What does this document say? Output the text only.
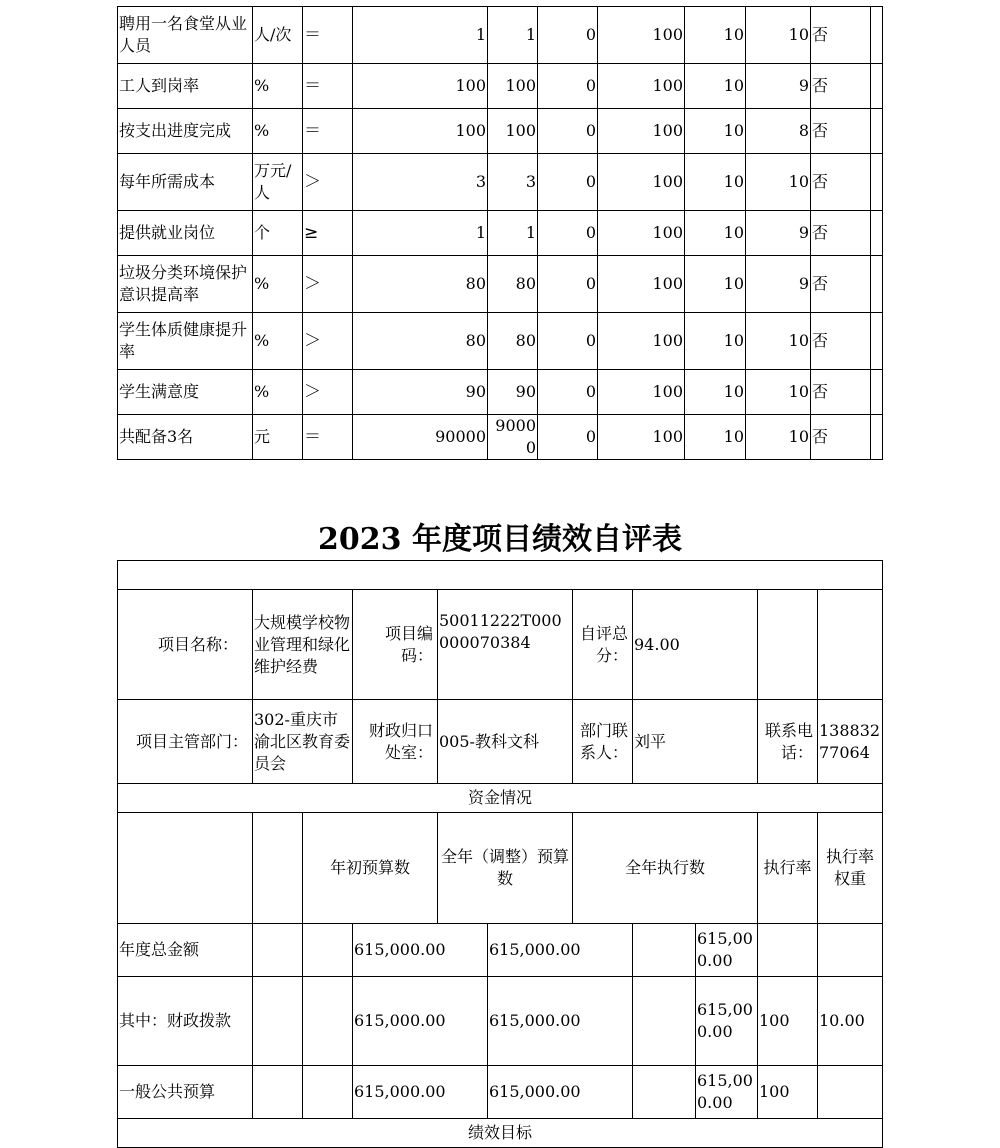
聘用一名食堂从业人员	人/次	＝	1	1	0	100	10	10	否	
工人到岗率	%	＝	100	100	0	100	10	9	否	
按支出进度完成	%	＝	100	100	0	100	10	8	否	
每年所需成本	万元/人	＞	3	3	0	100	10	10	否	
提供就业岗位	个	≥	1	1	0	100	10	9	否	
垃圾分类环境保护意识提高率	%	＞	80	80	0	100	10	9	否	
学生体质健康提升率	%	＞	80	80	0	100	10	10	否	
学生满意度	%	＞	90	90	0	100	10	10	否	
共配备3名	元	＝	90000	90000	0	100	10	10	否	
2023 年度项目绩效自评表

项目名称：	大规模学校物业管理和绿化维护经费		项目编码：	50011222T000000070384		自评总分：	94.00				
项目主管部门：	302-重庆市渝北区教育委员会		财政归口处室：	005-教科文科		部门联系人：	刘平		联系电话：	13883277064	
资金情况											
		年初预算数		全年（调整）预算数		全年执行数			执行率	执行率权重	
年度总金额			615,000.00		615,000.00			615,000.00			
其中：财政拨款			615,000.00		615,000.00			615,000.00	100	10.00	
一般公共预算			615,000.00		615,000.00			615,000.00	100		
绩效目标											
